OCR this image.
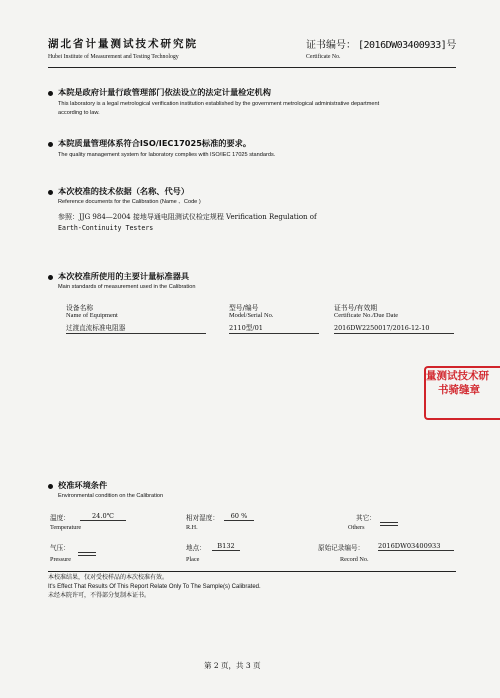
湖北省计量测试技术研究院
Hubei Institute of Measurement and Testing Technology
证书编号： [2016DW03400933]号
Certificate No.
本院是政府计量行政管理部门依法设立的法定计量检定机构
This laboratory is a legal metrological verification institution established by the government metrological administrative department
according to law.
本院质量管理体系符合ISO/IEC17025标准的要求。
The quality management system for laboratory complies with ISO/IEC 17025 standards.
本次校准的技术依据（名称、代号）
Reference documents for the Calibration (Name 、Code )
参照：JJG 984—2004 接地导通电阻测试仪检定规程 Verification Regulation of
Earth-Continuity Testers
本次校准所使用的主要计量标准器具
Main standards of measurement used in the Calibration
设备名称
Name of Equipment
型号/编号
Model/Serial No.
证书号/有效期
Certificate No./Due Date
过渡直流标准电阻器	2110型/01	2016DW2250017/2016-12-10
量测试技术研
书骑缝章
校准环境条件
Environmental condition on the Calibration
温度：	24.0℃
Temperature
相对湿度：	60 %
R.H.
其它：
Others
气压：
Pressure
地点：	B132
Place
原始记录编号： 2016DW03400933
Record No.
本校准结果，仅对受校样品的本次校准有效。
It's Effect That Results Of This Report Relate Only To The Sample(s) Calibrated.
未经本院许可，不得部分复制本证书。
第 2 页，共 3 页
